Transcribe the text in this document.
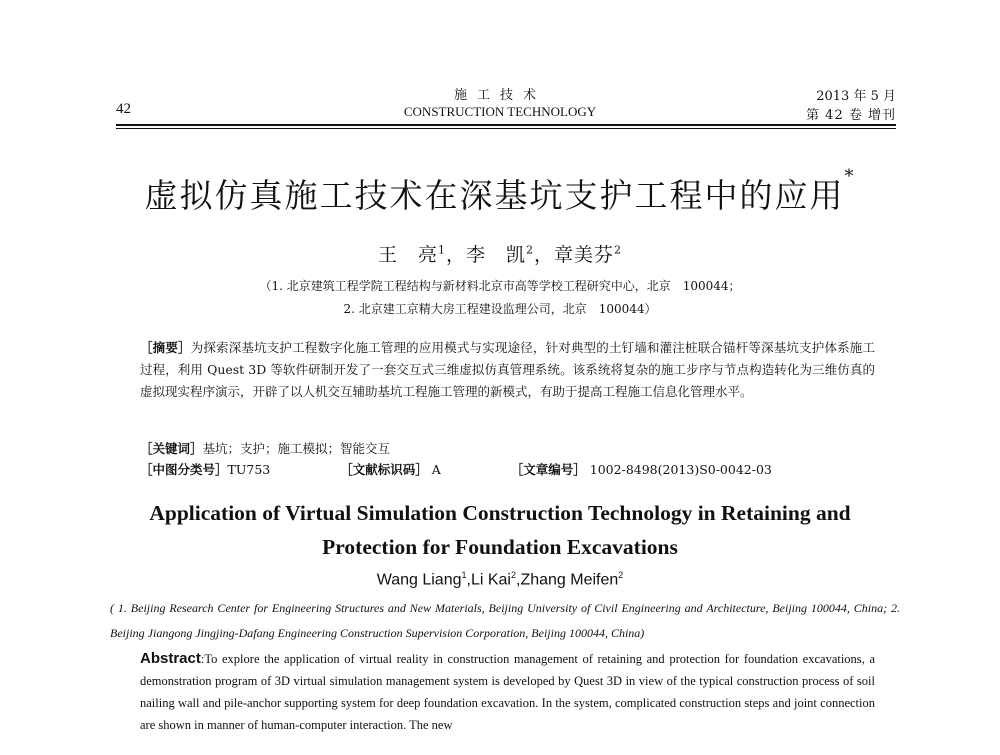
42
施工技术
CONSTRUCTION TECHNOLOGY
2013 年 5 月
第 42 卷 增刊
虚拟仿真施工技术在深基坑支护工程中的应用*
王　亮$^1$，李　凯$^2$，章美芬$^2$
（1. 北京建筑工程学院工程结构与新材料北京市高等学校工程研究中心，北京　100044；
2. 北京建工京精大房工程建设监理公司，北京　100044）
［摘要］为探索深基坑支护工程数字化施工管理的应用模式与实现途径，针对典型的土钉墙和灌注桩联合锚杆等深基坑支护体系施工过程，利用 Quest 3D 等软件研制开发了一套交互式三维虚拟仿真管理系统。该系统将复杂的施工步序与节点构造转化为三维仿真的虚拟现实程序演示，开辟了以人机交互辅助基坑工程施工管理的新模式，有助于提高工程施工信息化管理水平。
［关键词］基坑；支护；施工模拟；智能交互
［中图分类号］TU753	［文献标识码］ A	［文章编号］ 1002-8498(2013)S0-0042-03
Application of Virtual Simulation Construction Technology in Retaining and Protection for Foundation Excavations
Wang Liang$^1$,Li Kai$^2$,Zhang Meifen$^2$
( 1. Beijing Research Center for Engineering Structures and New Materials, Beijing University of Civil Engineering and Architecture, Beijing 100044, China; 2. Beijing Jiangong Jingjing-Dafang Engineering Construction Supervision Corporation, Beijing 100044, China)
Abstract:To explore the application of virtual reality in construction management of retaining and protection for foundation excavations, a demonstration program of 3D virtual simulation management system is developed by Quest 3D in view of the typical construction process of soil nailing wall and pile-anchor supporting system for deep foundation excavation. In the system, complicated construction steps and joint connection are shown in manner of human-computer interaction. The new
